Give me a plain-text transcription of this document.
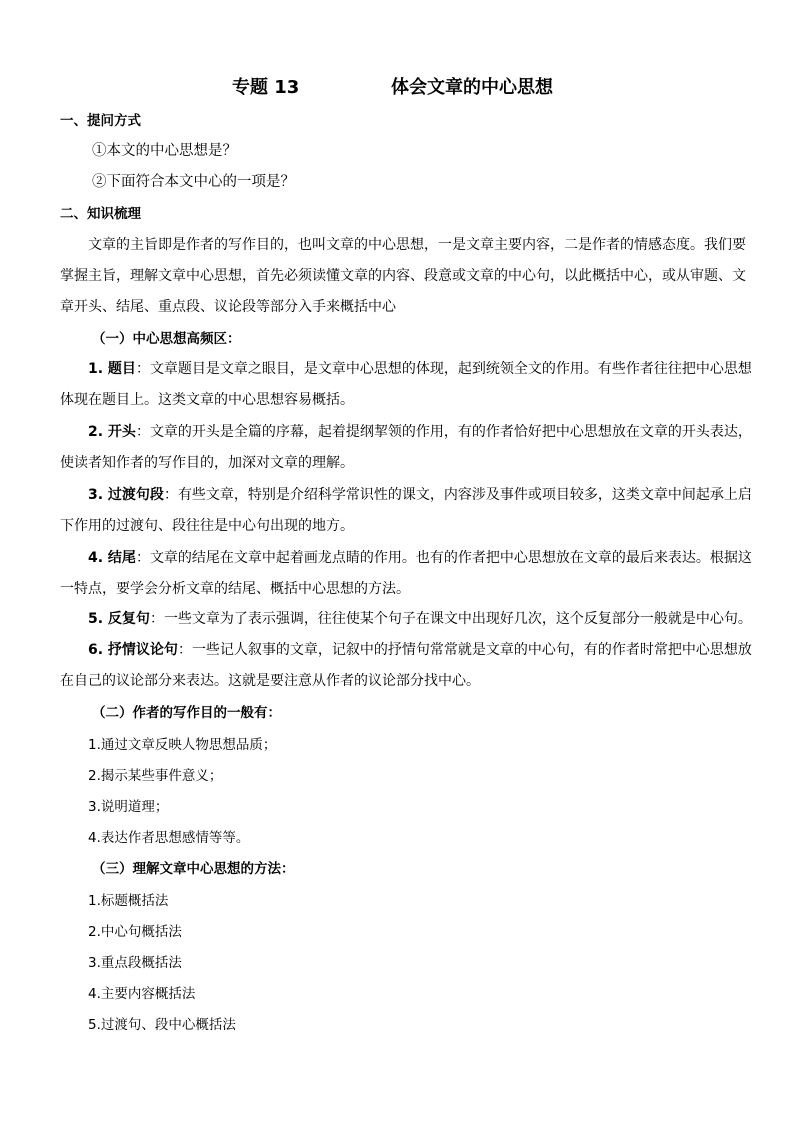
专题 13	体会文章的中心思想
一、提问方式
①本文的中心思想是？
②下面符合本文中心的一项是？
二、知识梳理

文章的主旨即是作者的写作目的，也叫文章的中心思想，一是文章主要内容，二是作者的情感态度。我们要掌握主旨，理解文章中心思想，首先必须读懂文章的内容、段意或文章的中心句，以此概括中心，或从审题、文章开头、结尾、重点段、议论段等部分入手来概括中心

（一）中心思想高频区：

1. 题目：文章题目是文章之眼目，是文章中心思想的体现，起到统领全文的作用。有些作者往往把中心思想体现在题目上。这类文章的中心思想容易概括。

2. 开头：文章的开头是全篇的序幕，起着提纲挈领的作用，有的作者恰好把中心思想放在文章的开头表达，使读者知作者的写作目的，加深对文章的理解。

3. 过渡句段：有些文章，特别是介绍科学常识性的课文，内容涉及事件或项目较多，这类文章中间起承上启下作用的过渡句、段往往是中心句出现的地方。

4. 结尾：文章的结尾在文章中起着画龙点睛的作用。也有的作者把中心思想放在文章的最后来表达。根据这一特点，要学会分析文章的结尾、概括中心思想的方法。

5. 反复句：一些文章为了表示强调，往往使某个句子在课文中出现好几次，这个反复部分一般就是中心句。

6. 抒情议论句：一些记人叙事的文章，记叙中的抒情句常常就是文章的中心句，有的作者时常把中心思想放在自己的议论部分来表达。这就是要注意从作者的议论部分找中心。

（二）作者的写作目的一般有：
1.通过文章反映人物思想品质；
2.揭示某些事件意义；
3.说明道理；
4.表达作者思想感情等等。
（三）理解文章中心思想的方法：
1.标题概括法
2.中心句概括法
3.重点段概括法
4.主要内容概括法
5.过渡句、段中心概括法
